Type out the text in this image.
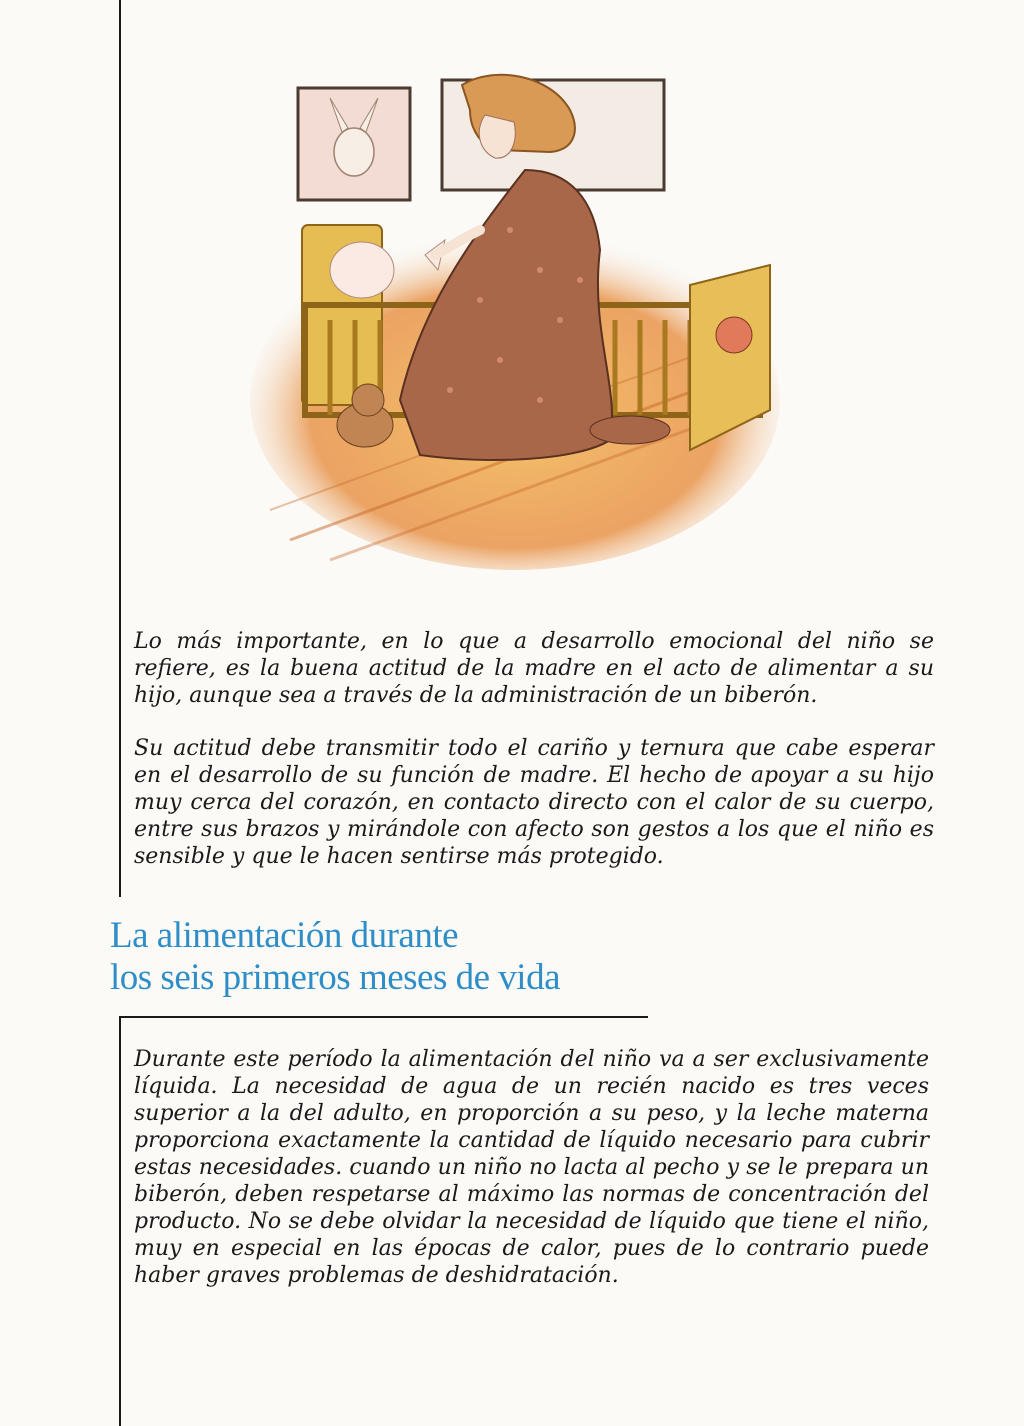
Lo más importante, en lo que a desarrollo emocional del niño se refiere, es la buena actitud de la madre en el acto de alimentar a su hijo, aunque sea a través de la administración de un biberón.

Su actitud debe transmitir todo el cariño y ternura que cabe esperar en el desarrollo de su función de madre. El hecho de apoyar a su hijo muy cerca del corazón, en contacto directo con el calor de su cuerpo, entre sus brazos y mirándole con afecto son gestos a los que el niño es sensible y que le hacen sentirse más protegido.

La alimentación durante
los seis primeros meses de vida

Durante este período la alimentación del niño va a ser exclusivamente líquida. La necesidad de agua de un recién nacido es tres veces superior a la del adulto, en proporción a su peso, y la leche materna proporciona exactamente la cantidad de líquido necesario para cubrir estas necesidades. cuando un niño no lacta al pecho y se le prepara un biberón, deben respetarse al máximo las normas de concentración del producto. No se debe olvidar la necesidad de líquido que tiene el niño, muy en especial en las épocas de calor, pues de lo contrario puede haber graves problemas de deshidratación.
